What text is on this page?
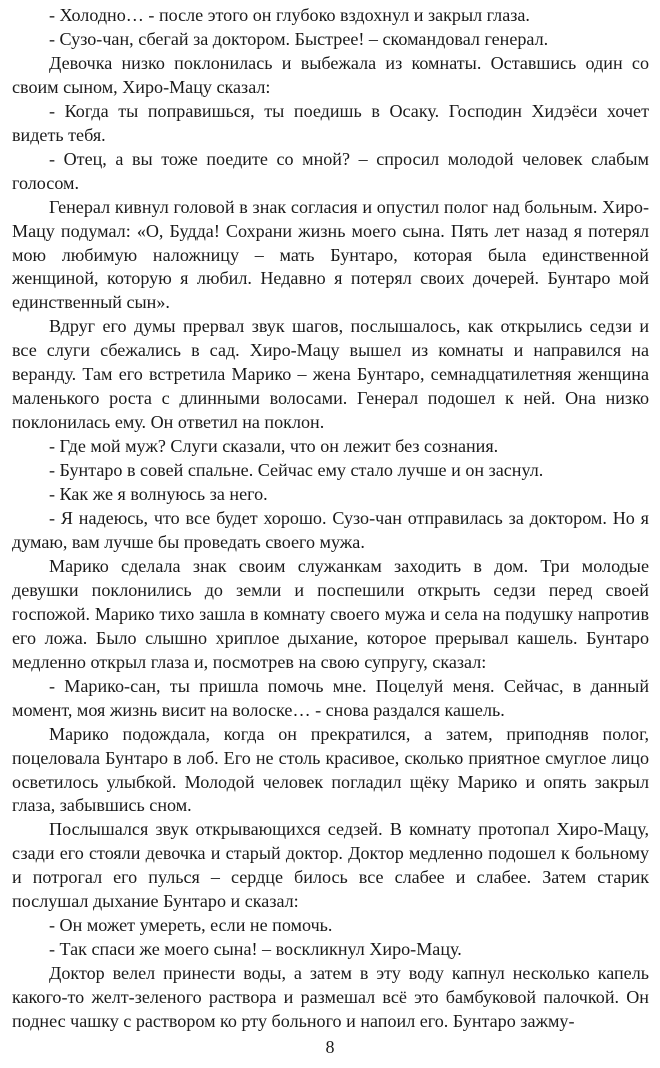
- Холодно… - после этого он глубоко вздохнул и закрыл глаза.

- Сузо-чан, сбегай за доктором. Быстрее! – скомандовал генерал.

Девочка низко поклонилась и выбежала из комнаты. Оставшись один со своим сыном, Хиро-Мацу сказал:

- Когда ты поправишься, ты поедишь в Осаку. Господин Хидэёси хочет видеть тебя.

- Отец, а вы тоже поедите со мной? – спросил молодой человек слабым голосом.

Генерал кивнул головой в знак согласия и опустил полог над больным. Хиро-Мацу подумал: «О, Будда! Сохрани жизнь моего сына. Пять лет назад я потерял мою любимую наложницу – мать Бунтаро, которая была единственной женщиной, которую я любил. Недавно я потерял своих дочерей. Бунтаро мой единственный сын».

Вдруг его думы прервал звук шагов, послышалось, как открылись седзи и все слуги сбежались в сад. Хиро-Мацу вышел из комнаты и направился на веранду. Там его встретила Марико – жена Бунтаро, семнадцатилетняя женщина маленького роста с длинными волосами. Генерал подошел к ней. Она низко поклонилась ему. Он ответил на поклон.

- Где мой муж? Слуги сказали, что он лежит без сознания.

- Бунтаро в совей спальне. Сейчас ему стало лучше и он заснул.

- Как же я волнуюсь за него.

- Я надеюсь, что все будет хорошо. Сузо-чан отправилась за доктором. Но я думаю, вам лучше бы проведать своего мужа.

Марико сделала знак своим служанкам заходить в дом. Три молодые девушки поклонились до земли и поспешили открыть седзи перед своей госпожой. Марико тихо зашла в комнату своего мужа и села на подушку напротив его ложа. Было слышно хриплое дыхание, которое прерывал кашель. Бунтаро медленно открыл глаза и, посмотрев на свою супругу, сказал:

- Марико-сан, ты пришла помочь мне. Поцелуй меня. Сейчас, в данный момент, моя жизнь висит на волоске… - снова раздался кашель.

Марико подождала, когда он прекратился, а затем, приподняв полог, поцеловала Бунтаро в лоб. Его не столь красивое, сколько приятное смуглое лицо осветилось улыбкой. Молодой человек погладил щёку Марико и опять закрыл глаза, забывшись сном.

Послышался звук открывающихся седзей. В комнату протопал Хиро-Мацу, сзади его стояли девочка и старый доктор. Доктор медленно подошел к больному и потрогал его пулься – сердце билось все слабее и слабее. Затем старик послушал дыхание Бунтаро и сказал:

- Он может умереть, если не помочь.

- Так спаси же моего сына! – воскликнул Хиро-Мацу.

Доктор велел принести воды, а затем в эту воду капнул несколько капель какого-то желт-зеленого раствора и размешал всё это бамбуковой палочкой. Он поднес чашку с раствором ко рту больного и напоил его. Бунтаро зажму-

8
